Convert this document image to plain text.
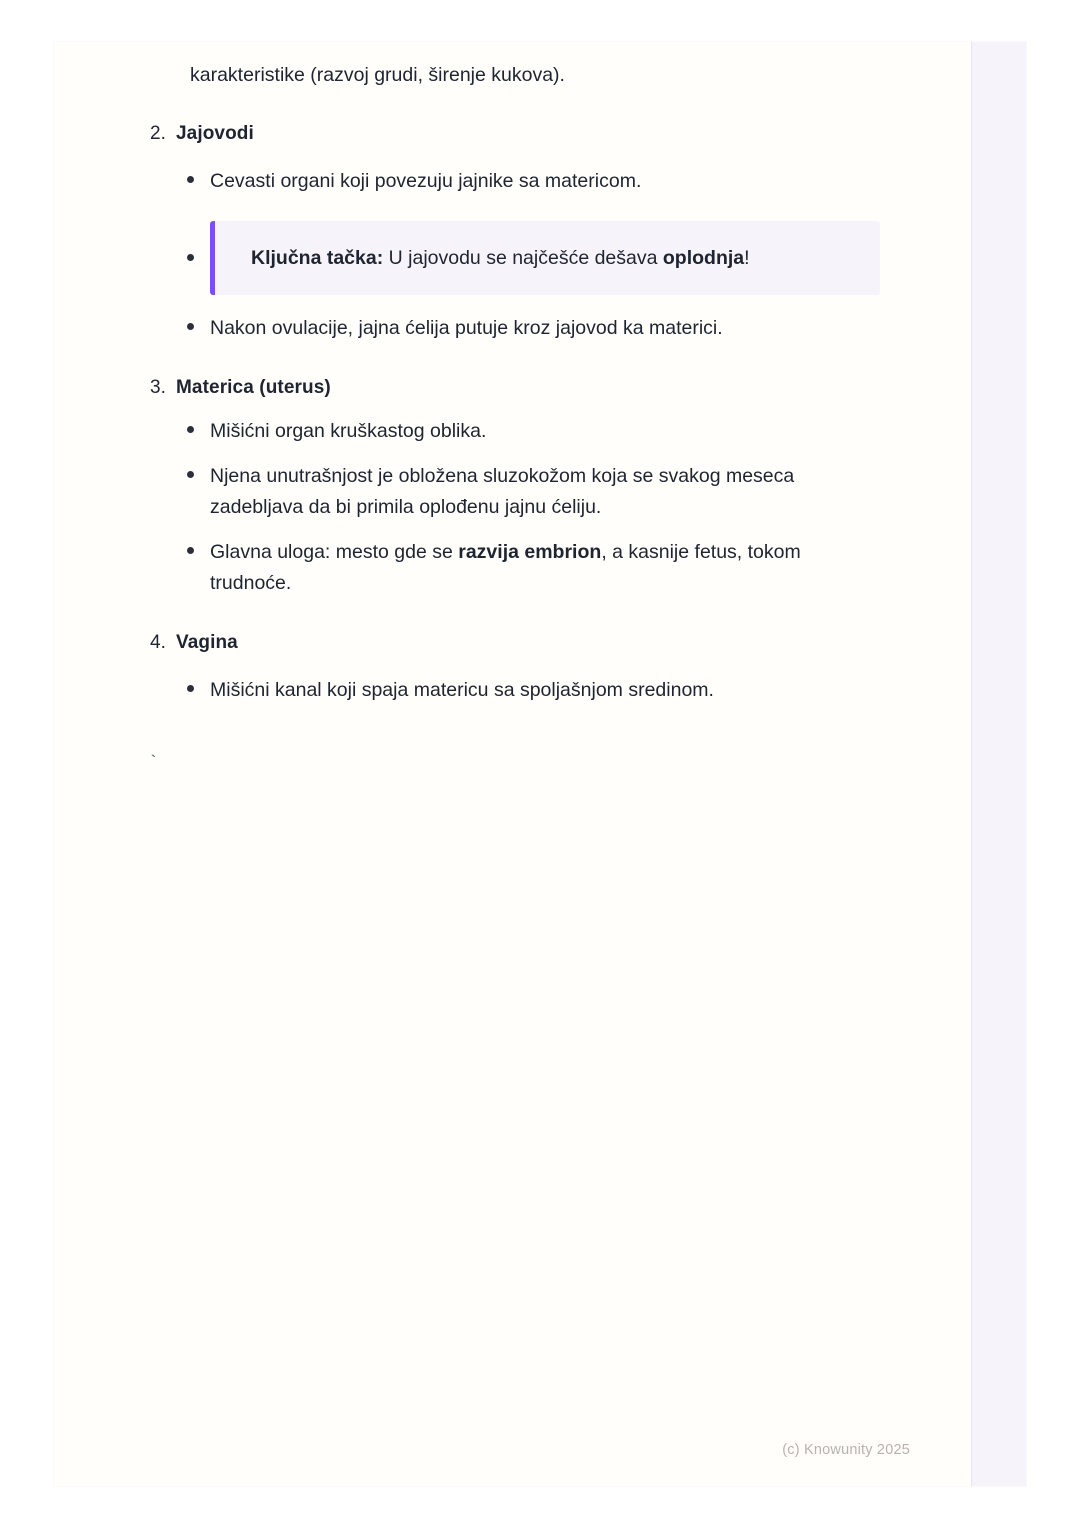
karakteristike (razvoj grudi, širenje kukova).

2. Jajovodi
Cevasti organi koji povezuju jajnike sa matericom.
Ključna tačka: U jajovodu se najčešće dešava oplodnja!
Nakon ovulacije, jajna ćelija putuje kroz jajovod ka materici.
3. Materica (uterus)
Mišićni organ kruškastog oblika.
Njena unutrašnjost je obložena sluzokožom koja se svakog meseca zadebljava da bi primila oplođenu jajnu ćeliju.
Glavna uloga: mesto gde se razvija embrion, a kasnije fetus, tokom trudnoće.
4. Vagina
Mišićni kanal koji spaja matericu sa spoljašnjom sredinom.
`
(c) Knowunity 2025
